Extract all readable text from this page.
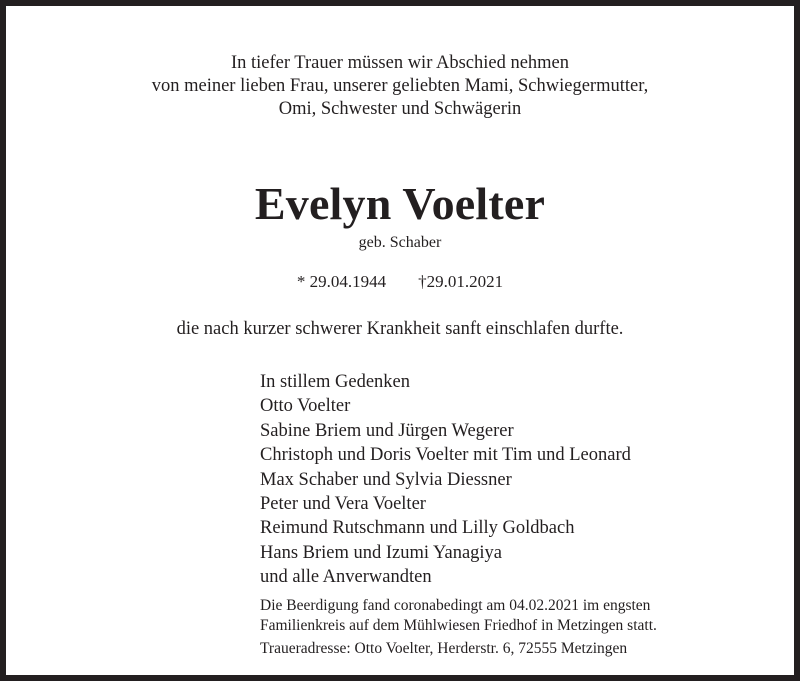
In tiefer Trauer müssen wir Abschied nehmen
von meiner lieben Frau, unserer geliebten Mami, Schwiegermutter,
Omi, Schwester und Schwägerin
Evelyn Voelter
geb. Schaber
* 29.04.1944 †29.01.2021
die nach kurzer schwerer Krankheit sanft einschlafen durfte.
In stillem Gedenken
Otto Voelter
Sabine Briem und Jürgen Wegerer
Christoph und Doris Voelter mit Tim und Leonard
Max Schaber und Sylvia Diessner
Peter und Vera Voelter
Reimund Rutschmann und Lilly Goldbach
Hans Briem und Izumi Yanagiya
und alle Anverwandten
Die Beerdigung fand coronabedingt am 04.02.2021 im engsten
Familienkreis auf dem Mühlwiesen Friedhof in Metzingen statt.
Traueradresse: Otto Voelter, Herderstr. 6, 72555 Metzingen
